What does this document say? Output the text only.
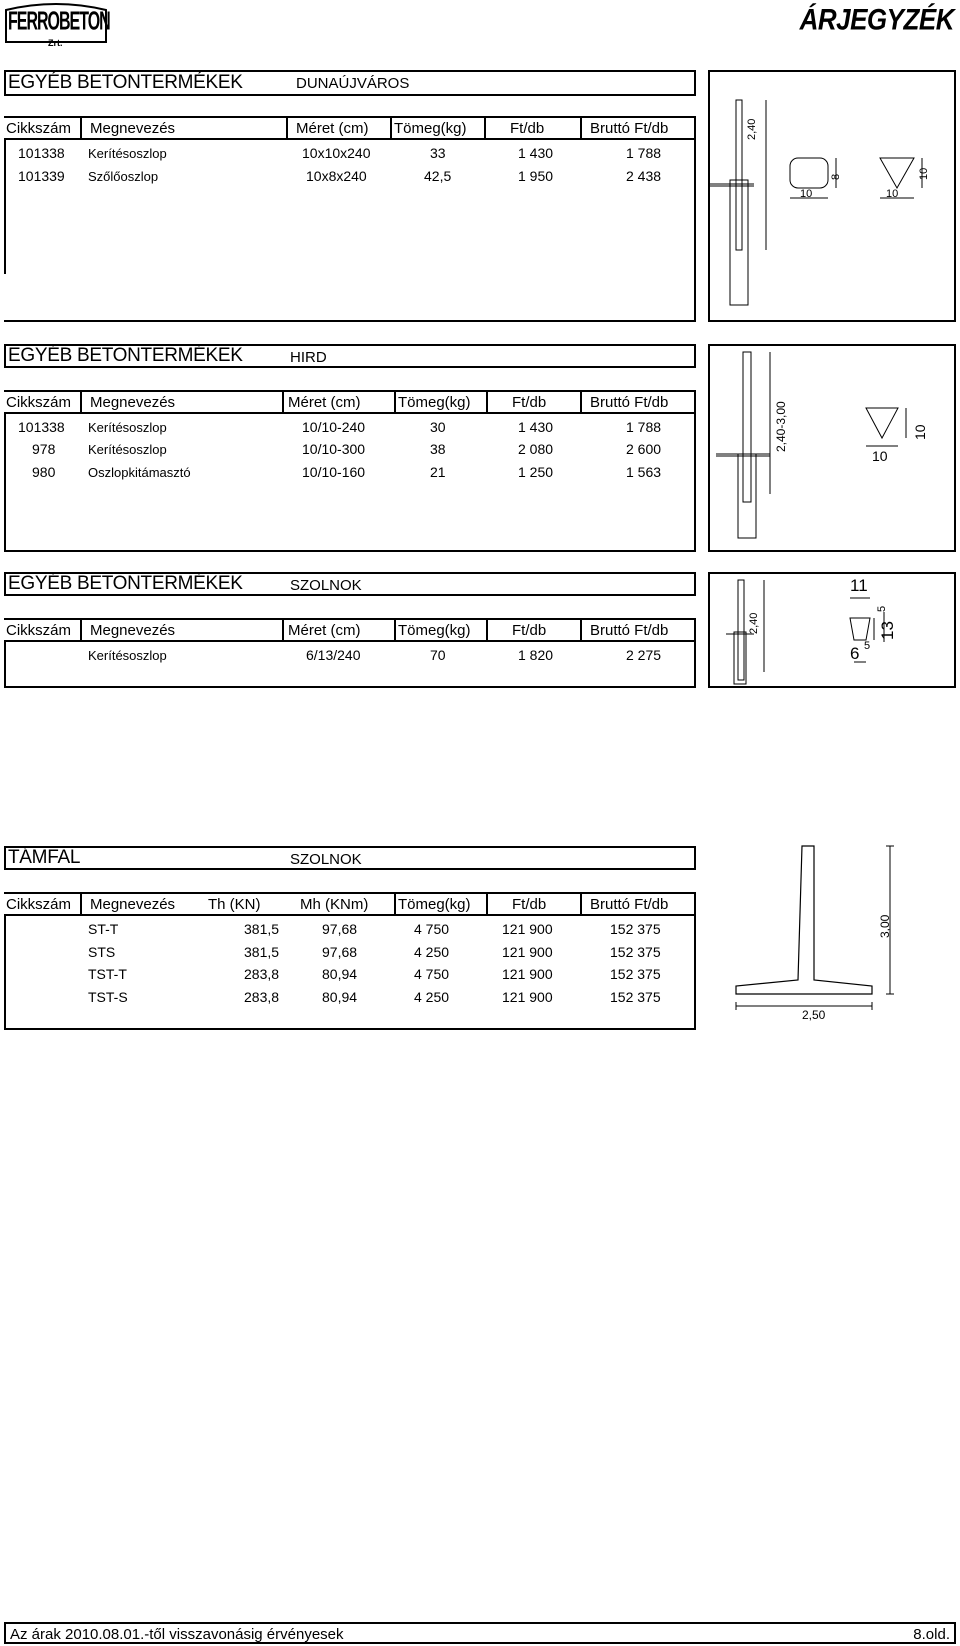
FERROBETON
Zrt.
ÁRJEGYZÉK
EGYÉB BETONTERMÉKEK	DUNAÚJVÁROS
Cikkszám Megnevezés	Méret (cm) Tömeg(kg)	Ft/db	Bruttó Ft/db
101338 Kerítésoszlop	10x10x240	33	1 430	1 788
101339 Szőlőoszlop	10x8x240	42,5	1 950	2 438
2,40
10
8
10
10
EGYÉB BETONTERMÉKEK	HIRD
Cikkszám Megnevezés	Méret (cm)	Tömeg(kg)	Ft/db	Bruttó Ft/db
101338 Kerítésoszlop	10/10-240	30	1 430	1 788
978	Kerítésoszlop	10/10-300	38	2 080	2 600
980	Oszlopkitámasztó	10/10-160	21	1 250	1 563
2,40-3,00
10
10
EGYÉB BETONTERMÉKEK	SZOLNOK
Cikkszám Megnevezés	Méret (cm)	Tömeg(kg)	Ft/db	Bruttó Ft/db
Kerítésoszlop	6/13/240	70	1 820	2 275
2,40
11
13
5
6 5
TÁMFAL	SZOLNOK
Cikkszám Megnevezés Th (KN)	Mh (KNm) Tömeg(kg)	Ft/db	Bruttó Ft/db
ST-T	381,5	97,68	4 750	121 900	152 375
STS	381,5	97,68	4 250	121 900	152 375
TST-T	283,8	80,94	4 750	121 900	152 375
TST-S	283,8	80,94	4 250	121 900	152 375
3,00
2,50
Az árak 2010.08.01.-től visszavonásig érvényesek	8.old.
